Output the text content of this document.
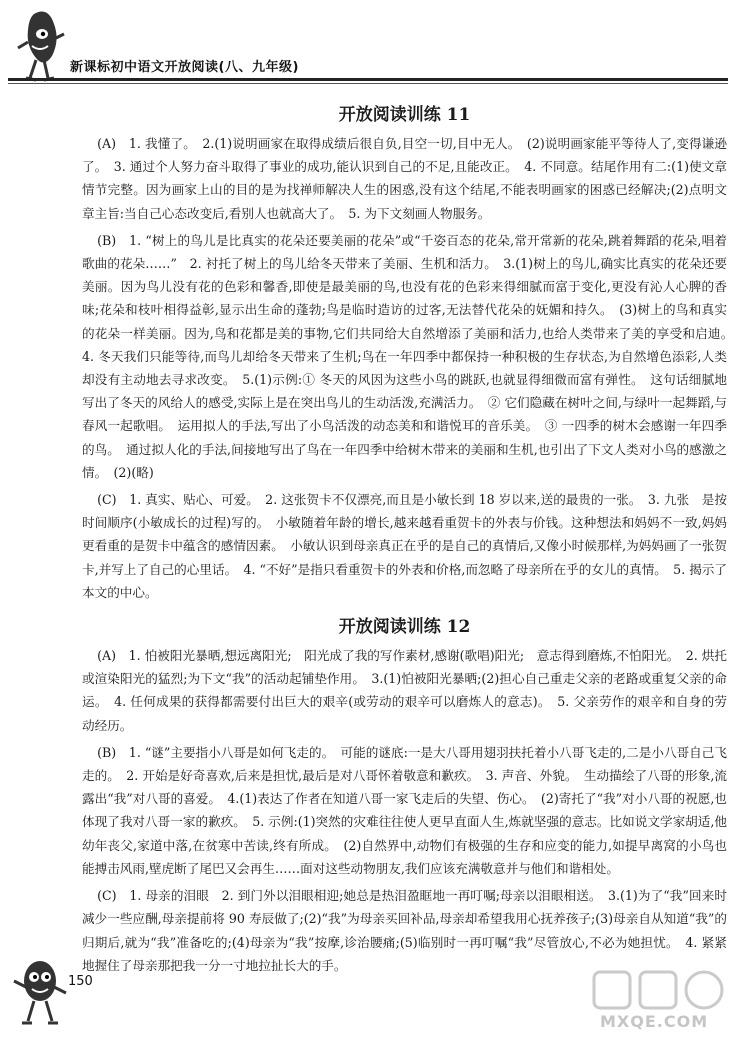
新课标初中语文开放阅读(八、九年级)
开放阅读训练 11

(A)　1. 我懂了。　2.(1)说明画家在取得成绩后很自负,目空一切,目中无人。　(2)说明画家能平等待人了,变得谦逊了。　3. 通过个人努力奋斗取得了事业的成功,能认识到自己的不足,且能改正。　4. 不同意。结尾作用有二:(1)使文章情节完整。因为画家上山的目的是为找禅师解决人生的困惑,没有这个结尾,不能表明画家的困惑已经解决;(2)点明文章主旨:当自己心态改变后,看别人也就高大了。　5. 为下文刻画人物服务。

(B)　1. “树上的鸟儿是比真实的花朵还要美丽的花朵”或“千姿百态的花朵,常开常新的花朵,跳着舞蹈的花朵,唱着歌曲的花朵……”　2. 衬托了树上的鸟儿给冬天带来了美丽、生机和活力。　3.(1)树上的鸟儿,确实比真实的花朵还要美丽。因为鸟儿没有花的色彩和馨香,即使是最美丽的鸟,也没有花的色彩来得细腻而富于变化,更没有沁人心脾的香味;花朵和枝叶相得益彰,显示出生命的蓬勃;鸟是临时造访的过客,无法替代花朵的妩媚和持久。　(3)树上的鸟和真实的花朵一样美丽。因为,鸟和花都是美的事物,它们共同给大自然增添了美丽和活力,也给人类带来了美的享受和启迪。　4. 冬天我们只能等待,而鸟儿却给冬天带来了生机;鸟在一年四季中都保持一种积极的生存状态,为自然增色添彩,人类却没有主动地去寻求改变。　5.(1)示例:① 冬天的风因为这些小鸟的跳跃,也就显得细微而富有弹性。　这句话细腻地写出了冬天的风给人的感受,实际上是在突出鸟儿的生动活泼,充满活力。　② 它们隐藏在树叶之间,与绿叶一起舞蹈,与春风一起歌唱。　运用拟人的手法,写出了小鸟活泼的动态美和和谐悦耳的音乐美。　③ 一四季的树木会感谢一年四季的鸟。　通过拟人化的手法,间接地写出了鸟在一年四季中给树木带来的美丽和生机,也引出了下文人类对小鸟的感激之情。　(2)(略)

(C)　1. 真实、贴心、可爱。　2. 这张贺卡不仅漂亮,而且是小敏长到 18 岁以来,送的最贵的一张。　3. 九张　是按时间顺序(小敏成长的过程)写的。　小敏随着年龄的增长,越来越看重贺卡的外表与价钱。这种想法和妈妈不一致,妈妈更看重的是贺卡中蕴含的感情因素。　小敏认识到母亲真正在乎的是自己的真情后,又像小时候那样,为妈妈画了一张贺卡,并写上了自己的心里话。　4. “不好”是指只看重贺卡的外表和价格,而忽略了母亲所在乎的女儿的真情。　5. 揭示了本文的中心。

开放阅读训练 12

(A)　1. 怕被阳光暴晒,想远离阳光;　阳光成了我的写作素材,感谢(歌唱)阳光;　意志得到磨炼,不怕阳光。　2. 烘托或渲染阳光的猛烈;为下文“我”的活动起铺垫作用。　3.(1)怕被阳光暴晒;(2)担心自己重走父亲的老路或重复父亲的命运。　4. 任何成果的获得都需要付出巨大的艰辛(或劳动的艰辛可以磨炼人的意志)。　5. 父亲劳作的艰辛和自身的劳动经历。

(B)　1. “谜”主要指小八哥是如何飞走的。　可能的谜底:一是大八哥用翅羽扶托着小八哥飞走的,二是小八哥自己飞走的。　2. 开始是好奇喜欢,后来是担忧,最后是对八哥怀着敬意和歉疚。　3. 声音、外貌。　生动描绘了八哥的形象,流露出“我”对八哥的喜爱。　4.(1)表达了作者在知道八哥一家飞走后的失望、伤心。　(2)寄托了“我”对小八哥的祝愿,也体现了我对八哥一家的歉疚。　5. 示例:(1)突然的灾难往往使人更早直面人生,炼就坚强的意志。比如说文学家胡适,他幼年丧父,家道中落,在贫寒中苦读,终有所成。　(2)自然界中,动物们有极强的生存和应变的能力,如提早离窝的小鸟也能搏击风雨,壁虎断了尾巴又会再生……面对这些动物朋友,我们应该充满敬意并与他们和谐相处。

(C)　1. 母亲的泪眼　2. 到门外以泪眼相迎;她总是热泪盈眶地一再叮嘱;母亲以泪眼相送。　3.(1)为了“我”回来时减少一些应酬,母亲提前将 90 寿辰做了;(2)“我”为母亲买回补品,母亲却希望我用心抚养孩子;(3)母亲自从知道“我”的归期后,就为“我”准备吃的;(4)母亲为“我”按摩,诊治腰痛;(5)临别时一再叮嘱“我”尽管放心,不必为她担忧。　4. 紧紧地握住了母亲那把我一分一寸地拉扯长大的手。

150
MXQE.COM
